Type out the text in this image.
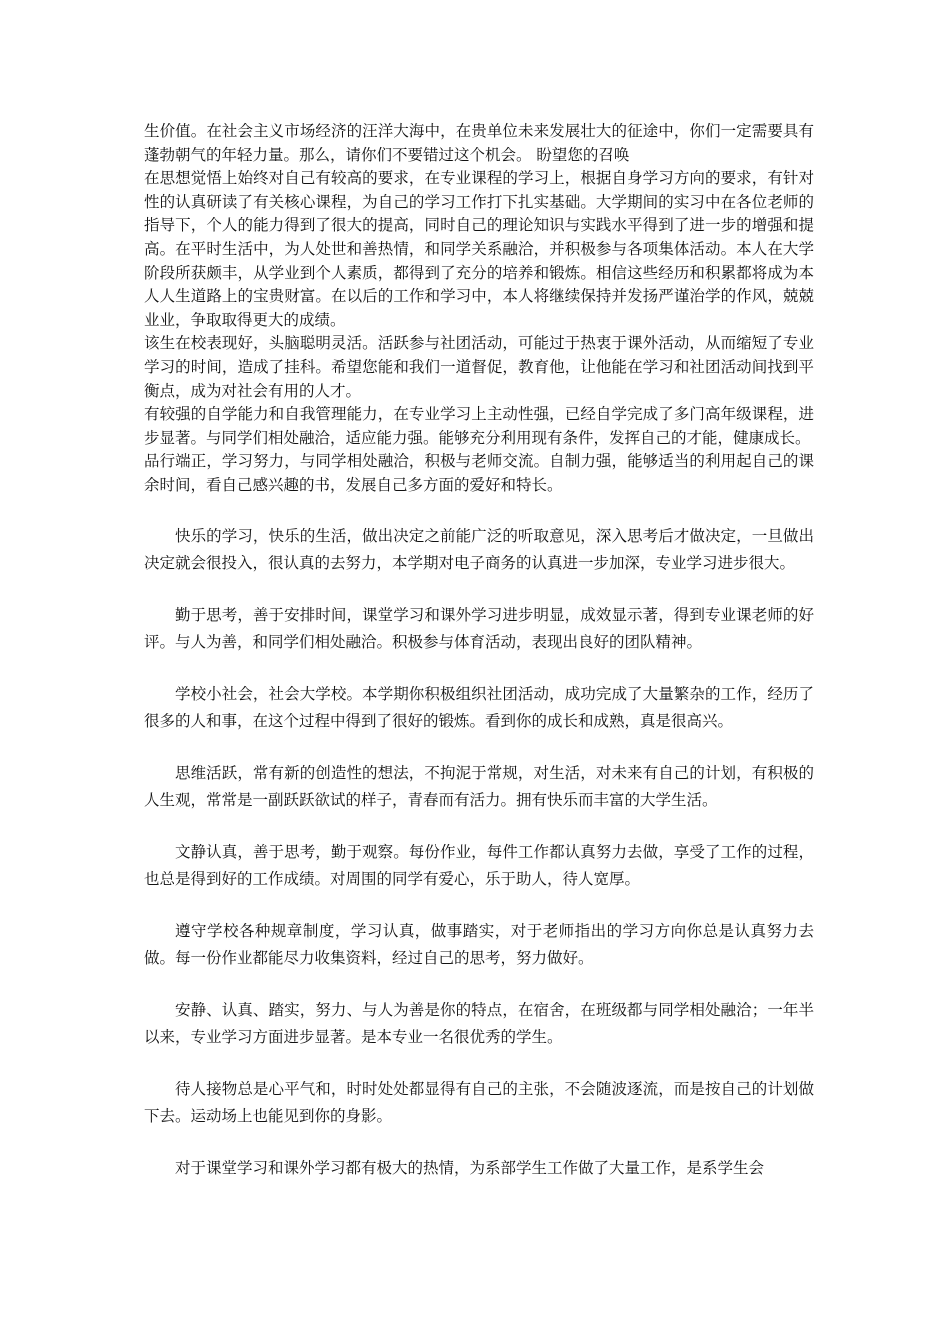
生价值。在社会主义市场经济的汪洋大海中，在贵单位未来发展壮大的征途中，你们一定需要具有蓬勃朝气的年轻力量。那么，请你们不要错过这个机会。 盼望您的召唤

在思想觉悟上始终对自己有较高的要求，在专业课程的学习上，根据自身学习方向的要求，有针对性的认真研读了有关核心课程，为自己的学习工作打下扎实基础。大学期间的实习中在各位老师的指导下，个人的能力得到了很大的提高，同时自己的理论知识与实践水平得到了进一步的增强和提高。在平时生活中，为人处世和善热情，和同学关系融洽，并积极参与各项集体活动。本人在大学阶段所获颇丰，从学业到个人素质，都得到了充分的培养和锻炼。相信这些经历和积累都将成为本人人生道路上的宝贵财富。在以后的工作和学习中，本人将继续保持并发扬严谨治学的作风，兢兢业业，争取取得更大的成绩。

该生在校表现好，头脑聪明灵活。活跃参与社团活动，可能过于热衷于课外活动，从而缩短了专业学习的时间，造成了挂科。希望您能和我们一道督促，教育他，让他能在学习和社团活动间找到平衡点，成为对社会有用的人才。

有较强的自学能力和自我管理能力，在专业学习上主动性强，已经自学完成了多门高年级课程，进步显著。与同学们相处融洽，适应能力强。能够充分利用现有条件，发挥自己的才能，健康成长。

品行端正，学习努力，与同学相处融洽，积极与老师交流。自制力强，能够适当的利用起自己的课余时间，看自己感兴趣的书，发展自己多方面的爱好和特长。

快乐的学习，快乐的生活，做出决定之前能广泛的听取意见，深入思考后才做决定，一旦做出决定就会很投入，很认真的去努力，本学期对电子商务的认真进一步加深，专业学习进步很大。

勤于思考，善于安排时间，课堂学习和课外学习进步明显，成效显示著，得到专业课老师的好评。与人为善，和同学们相处融洽。积极参与体育活动，表现出良好的团队精神。

学校小社会，社会大学校。本学期你积极组织社团活动，成功完成了大量繁杂的工作，经历了很多的人和事，在这个过程中得到了很好的锻炼。看到你的成长和成熟，真是很高兴。

思维活跃，常有新的创造性的想法，不拘泥于常规，对生活，对未来有自己的计划，有积极的人生观，常常是一副跃跃欲试的样子，青春而有活力。拥有快乐而丰富的大学生活。

文静认真，善于思考，勤于观察。每份作业，每件工作都认真努力去做，享受了工作的过程，也总是得到好的工作成绩。对周围的同学有爱心，乐于助人，待人宽厚。

遵守学校各种规章制度，学习认真，做事踏实，对于老师指出的学习方向你总是认真努力去做。每一份作业都能尽力收集资料，经过自己的思考，努力做好。

安静、认真、踏实，努力、与人为善是你的特点，在宿舍，在班级都与同学相处融洽；一年半以来，专业学习方面进步显著。是本专业一名很优秀的学生。

待人接物总是心平气和，时时处处都显得有自己的主张，不会随波逐流，而是按自己的计划做下去。运动场上也能见到你的身影。

对于课堂学习和课外学习都有极大的热情，为系部学生工作做了大量工作，是系学生会
